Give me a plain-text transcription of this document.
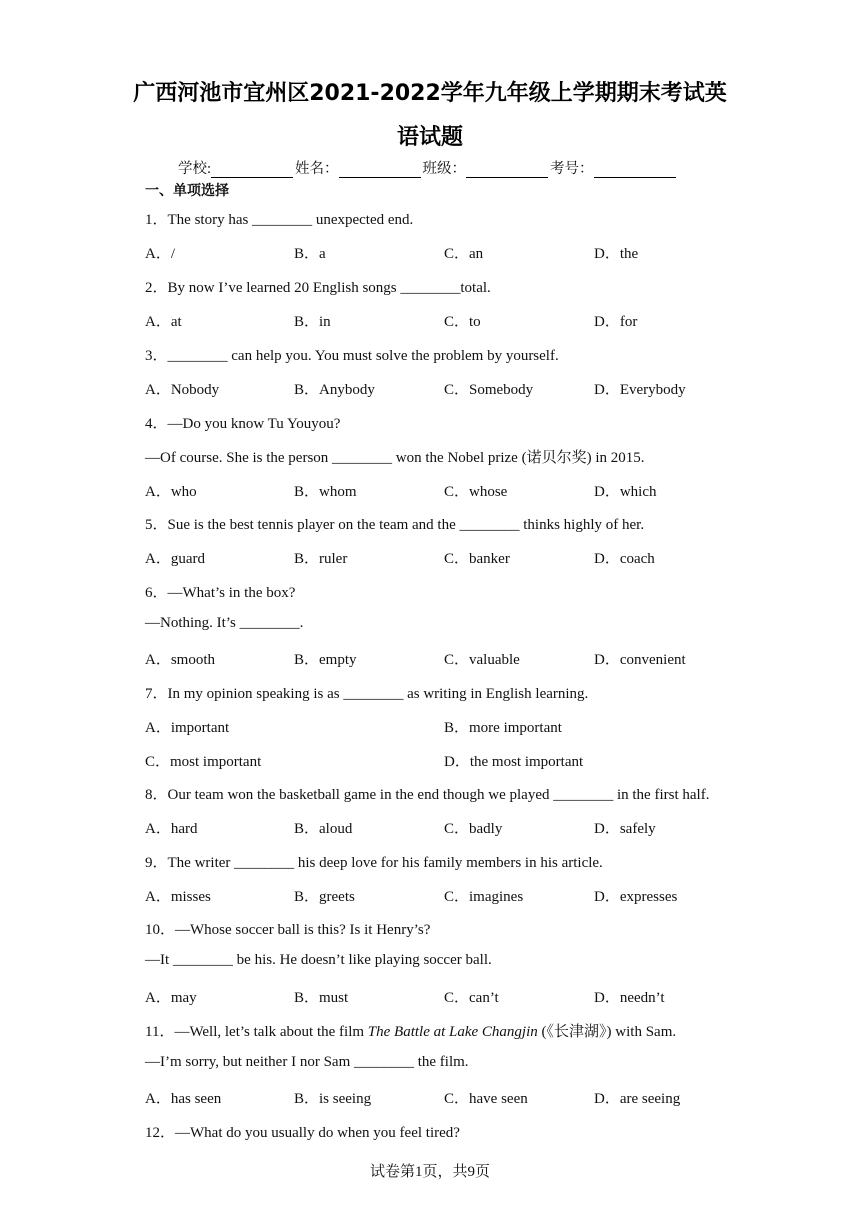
广西河池市宜州区2021-2022学年九年级上学期期末考试英
语试题
学校:	姓名：	班级：	考号：
一、单项选择
1．The story has ________ unexpected end.
A．/	B．a	C．an	D．the
2．By now I’ve learned 20 English songs ________total.
A．at	B．in	C．to	D．for
3．________ can help you. You must solve the problem by yourself.
A．Nobody	B．Anybody	C．Somebody	D．Everybody
4．—Do you know Tu Youyou?
—Of course. She is the person ________ won the Nobel prize (诺贝尔奖) in 2015.
A．who	B．whom	C．whose	D．which
5．Sue is the best tennis player on the team and the ________ thinks highly of her.
A．guard	B．ruler	C．banker	D．coach
6．—What’s in the box?
—Nothing. It’s ________.
A．smooth	B．empty	C．valuable	D．convenient
7．In my opinion speaking is as ________ as writing in English learning.
A．important	B．more important
C．most important	D．the most important
8．Our team won the basketball game in the end though we played ________ in the first half.
A．hard	B．aloud	C．badly	D．safely
9．The writer ________ his deep love for his family members in his article.
A．misses	B．greets	C．imagines	D．expresses
10．—Whose soccer ball is this? Is it Henry’s?
—It ________ be his. He doesn’t like playing soccer ball.
A．may	B．must	C．can’t	D．needn’t
11．—Well, let’s talk about the film The Battle at Lake Changjin (《长津湖》) with Sam.
—I’m sorry, but neither I nor Sam ________ the film.
A．has seen	B．is seeing	C．have seen	D．are seeing
12．—What do you usually do when you feel tired?
试卷第1页，共9页
